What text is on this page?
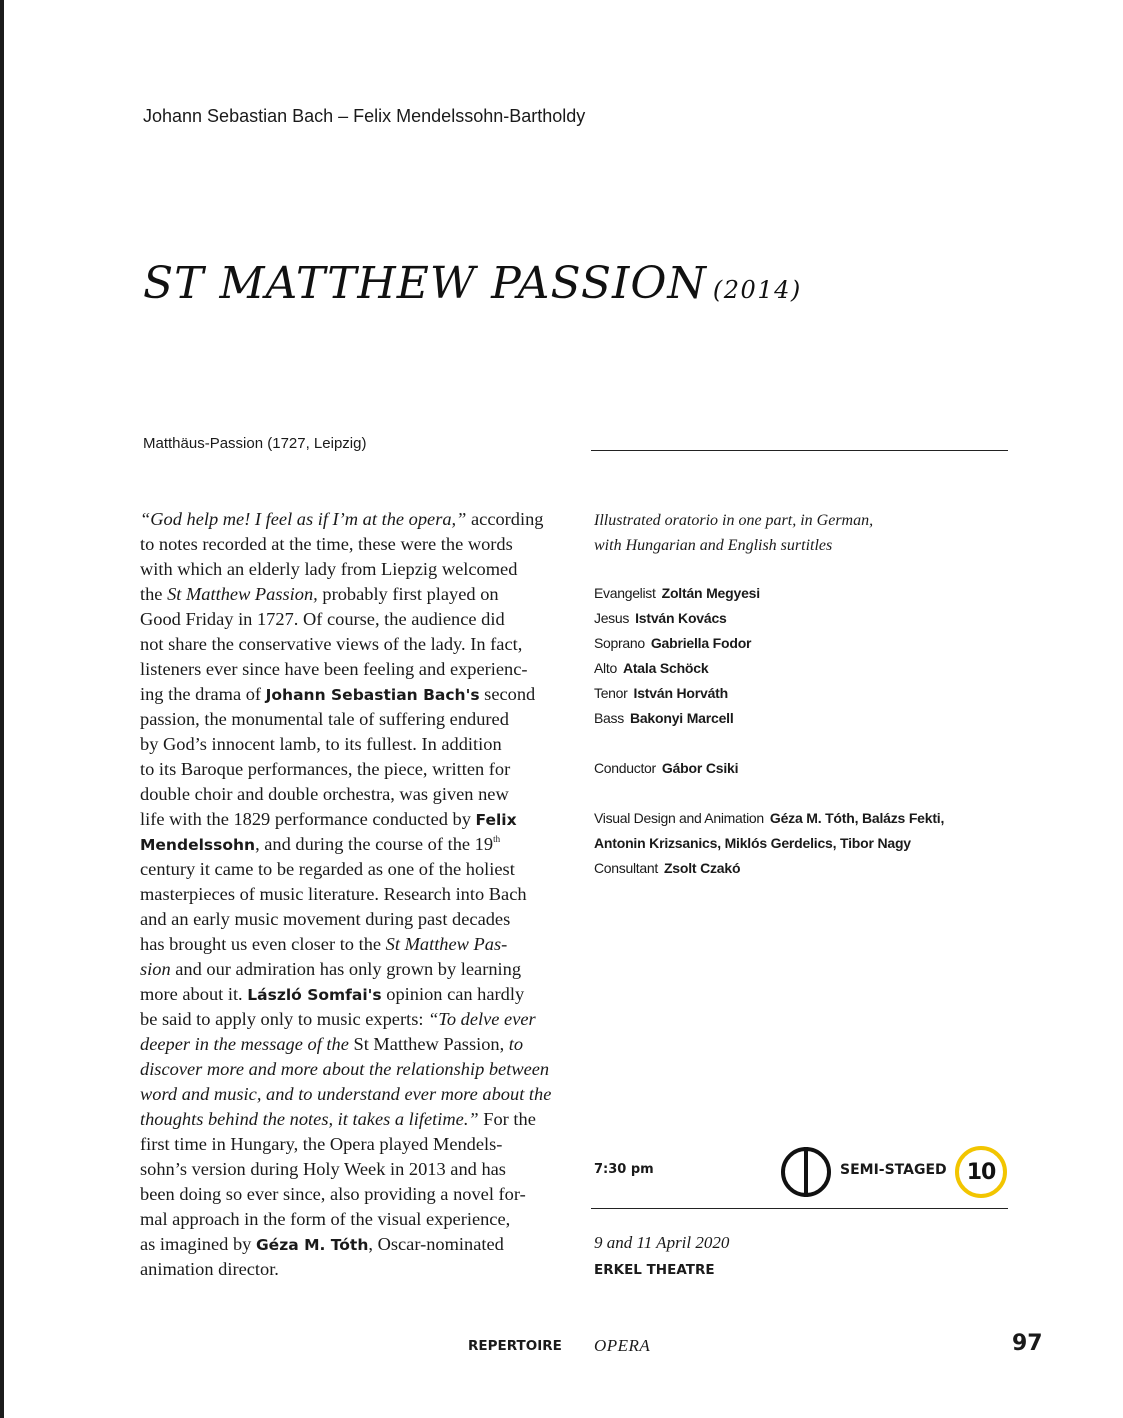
Johann Sebastian Bach – Felix Mendelssohn-Bartholdy
ST MATTHEW PASSION (2014)
Matthäus-Passion (1727, Leipzig)
“God help me! I feel as if I’m at the opera,” according
to notes recorded at the time, these were the words
with which an elderly lady from Liepzig welcomed
the St Matthew Passion, probably first played on
Good Friday in 1727. Of course, the audience did
not share the conservative views of the lady. In fact,
listeners ever since have been feeling and experienc-
ing the drama of Johann Sebastian Bach's second
passion, the monumental tale of suffering endured
by God’s innocent lamb, to its fullest. In addition
to its Baroque performances, the piece, written for
double choir and double orchestra, was given new
life with the 1829 performance conducted by Felix
Mendelssohn, and during the course of the 19th
century it came to be regarded as one of the holiest
masterpieces of music literature. Research into Bach
and an early music movement during past decades
has brought us even closer to the St Matthew Pas-
sion and our admiration has only grown by learning
more about it. László Somfai's opinion can hardly
be said to apply only to music experts: “To delve ever
deeper in the message of the St Matthew Passion, to
discover more and more about the relationship between
word and music, and to understand ever more about the
thoughts behind the notes, it takes a lifetime.” For the
first time in Hungary, the Opera played Mendels-
sohn’s version during Holy Week in 2013 and has
been doing so ever since, also providing a novel for-
mal approach in the form of the visual experience,
as imagined by Géza M. Tóth, Oscar-nominated
animation director.
Illustrated oratorio in one part, in German,
with Hungarian and English surtitles
Evangelist Zoltán Megyesi
Jesus István Kovács
Soprano Gabriella Fodor
Alto Atala Schöck
Tenor István Horváth
Bass Bakonyi Marcell
Conductor Gábor Csiki
Visual Design and Animation Géza M. Tóth, Balázs Fekti,
Antonin Krizsanics, Miklós Gerdelics, Tibor Nagy
Consultant Zsolt Czakó
7:30 pm	SEMI-STAGED 10
9 and 11 April 2020
ERKEL THEATRE
REPERTOIRE OPERA	97
